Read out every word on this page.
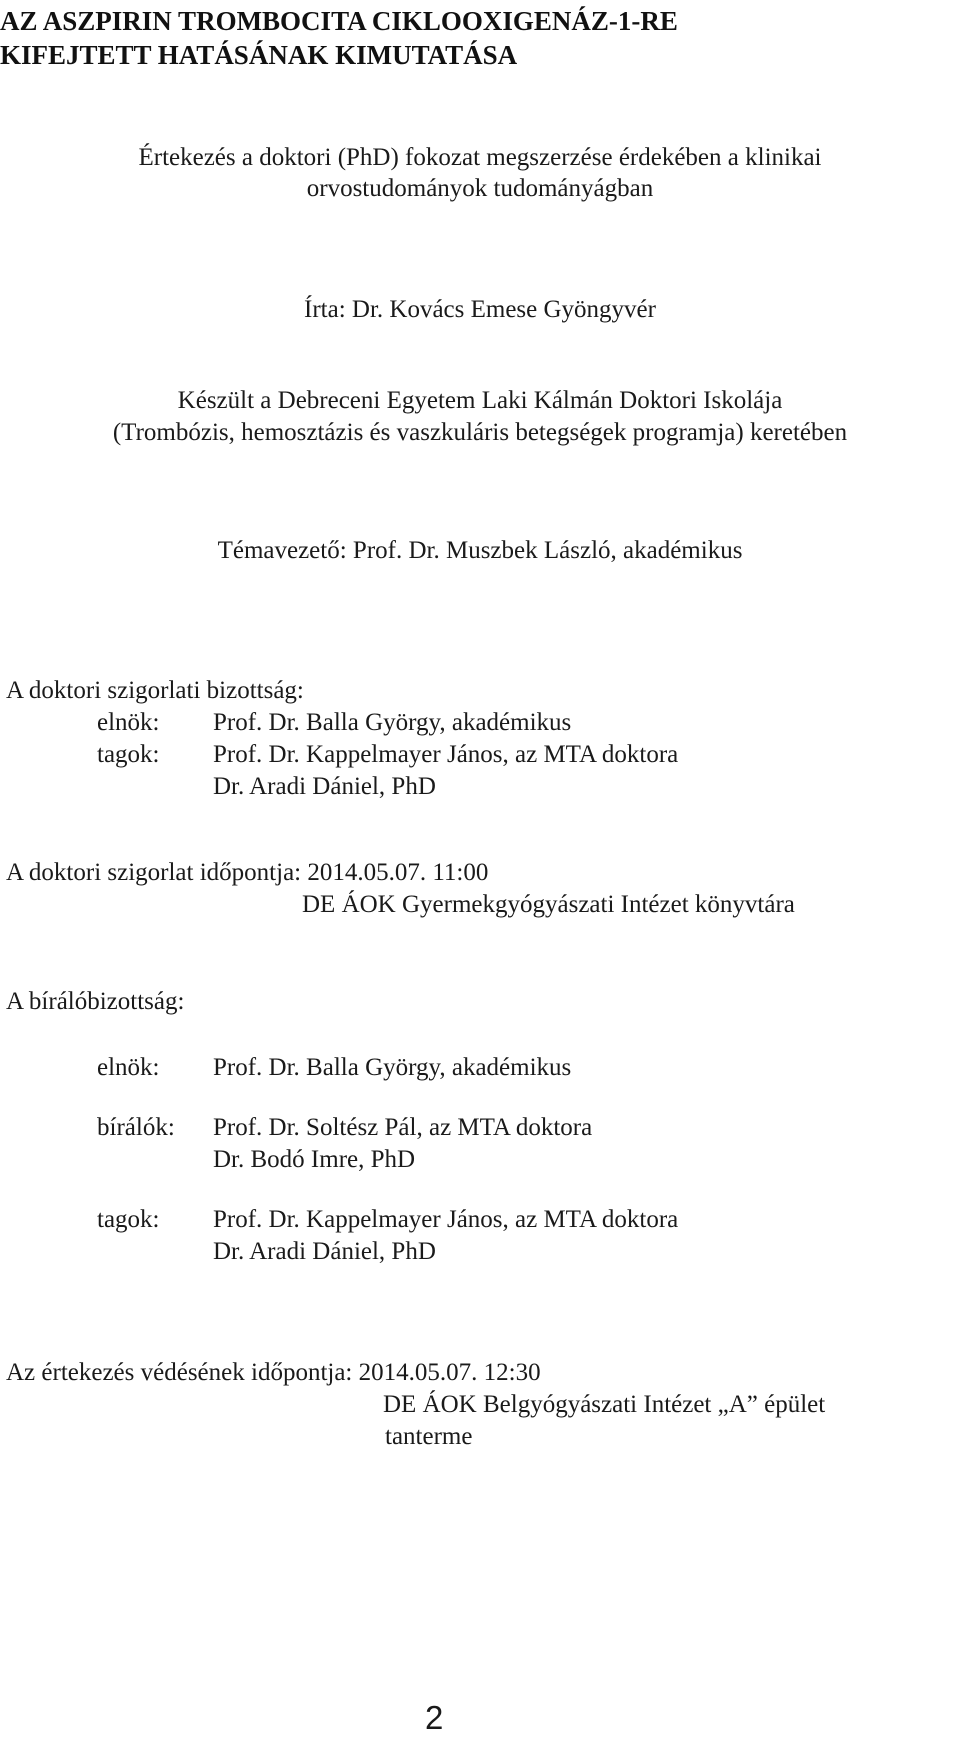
AZ ASZPIRIN TROMBOCITA CIKLOOXIGENÁZ-1-RE
KIFEJTETT HATÁSÁNAK KIMUTATÁSA
Értekezés a doktori (PhD) fokozat megszerzése érdekében a klinikai
orvostudományok tudományágban
Írta: Dr. Kovács Emese Gyöngyvér
Készült a Debreceni Egyetem Laki Kálmán Doktori Iskolája
(Trombózis, hemosztázis és vaszkuláris betegségek programja) keretében
Témavezető: Prof. Dr. Muszbek László, akadémikus
A doktori szigorlati bizottság:
elnök: Prof. Dr. Balla György, akadémikus
tagok: Prof. Dr. Kappelmayer János, az MTA doktora
Dr. Aradi Dániel, PhD
A doktori szigorlat időpontja: 2014.05.07. 11:00
DE ÁOK Gyermekgyógyászati Intézet könyvtára
A bírálóbizottság:
elnök: Prof. Dr. Balla György, akadémikus
bírálók: Prof. Dr. Soltész Pál, az MTA doktora
Dr. Bodó Imre, PhD
tagok: Prof. Dr. Kappelmayer János, az MTA doktora
Dr. Aradi Dániel, PhD
Az értekezés védésének időpontja: 2014.05.07. 12:30
DE ÁOK Belgyógyászati Intézet „A” épület
tanterme
2
